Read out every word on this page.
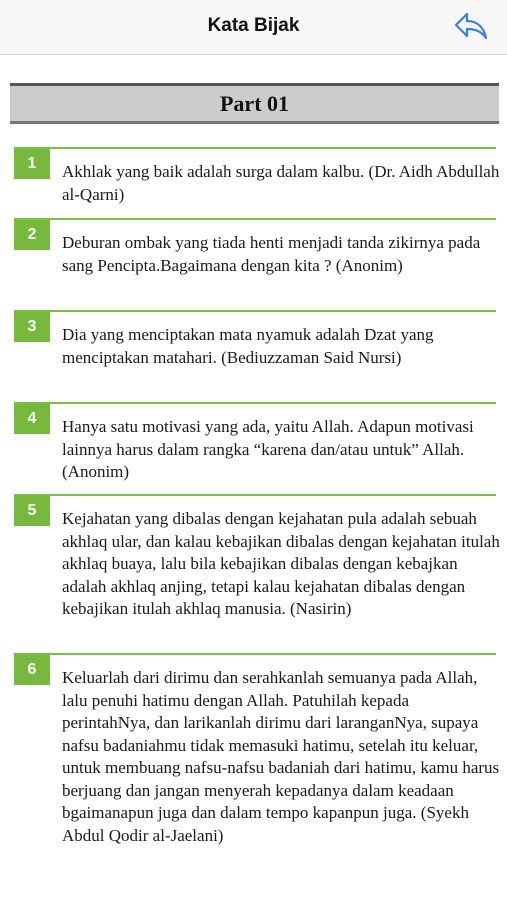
Kata Bijak
Part 01
1	Akhlak yang baik adalah surga dalam kalbu. (Dr. Aidh Abdullah al-Qarni)
2	Deburan ombak yang tiada henti menjadi tanda zikirnya pada sang Pencipta.Bagaimana dengan kita ? (Anonim)
3	Dia yang menciptakan mata nyamuk adalah Dzat yang menciptakan matahari. (Bediuzzaman Said Nursi)
4	Hanya satu motivasi yang ada, yaitu Allah. Adapun motivasi lainnya harus dalam rangka “karena dan/atau untuk” Allah. (Anonim)
5	Kejahatan yang dibalas dengan kejahatan pula adalah sebuah akhlaq ular, dan kalau kebajikan dibalas dengan kejahatan itulah akhlaq buaya, lalu bila kebajikan dibalas dengan kebajkan adalah akhlaq anjing, tetapi kalau kejahatan dibalas dengan kebajikan itulah akhlaq manusia. (Nasirin)
6	Keluarlah dari dirimu dan serahkanlah semuanya pada Allah, lalu penuhi hatimu dengan Allah. Patuhilah kepada perintahNya, dan larikanlah dirimu dari laranganNya, supaya nafsu badaniahmu tidak memasuki hatimu, setelah itu keluar, untuk membuang nafsu-nafsu badaniah dari hatimu, kamu harus berjuang dan jangan menyerah kepadanya dalam keadaan bgaimanapun juga dan dalam tempo kapanpun juga. (Syekh Abdul Qodir al-Jaelani)
